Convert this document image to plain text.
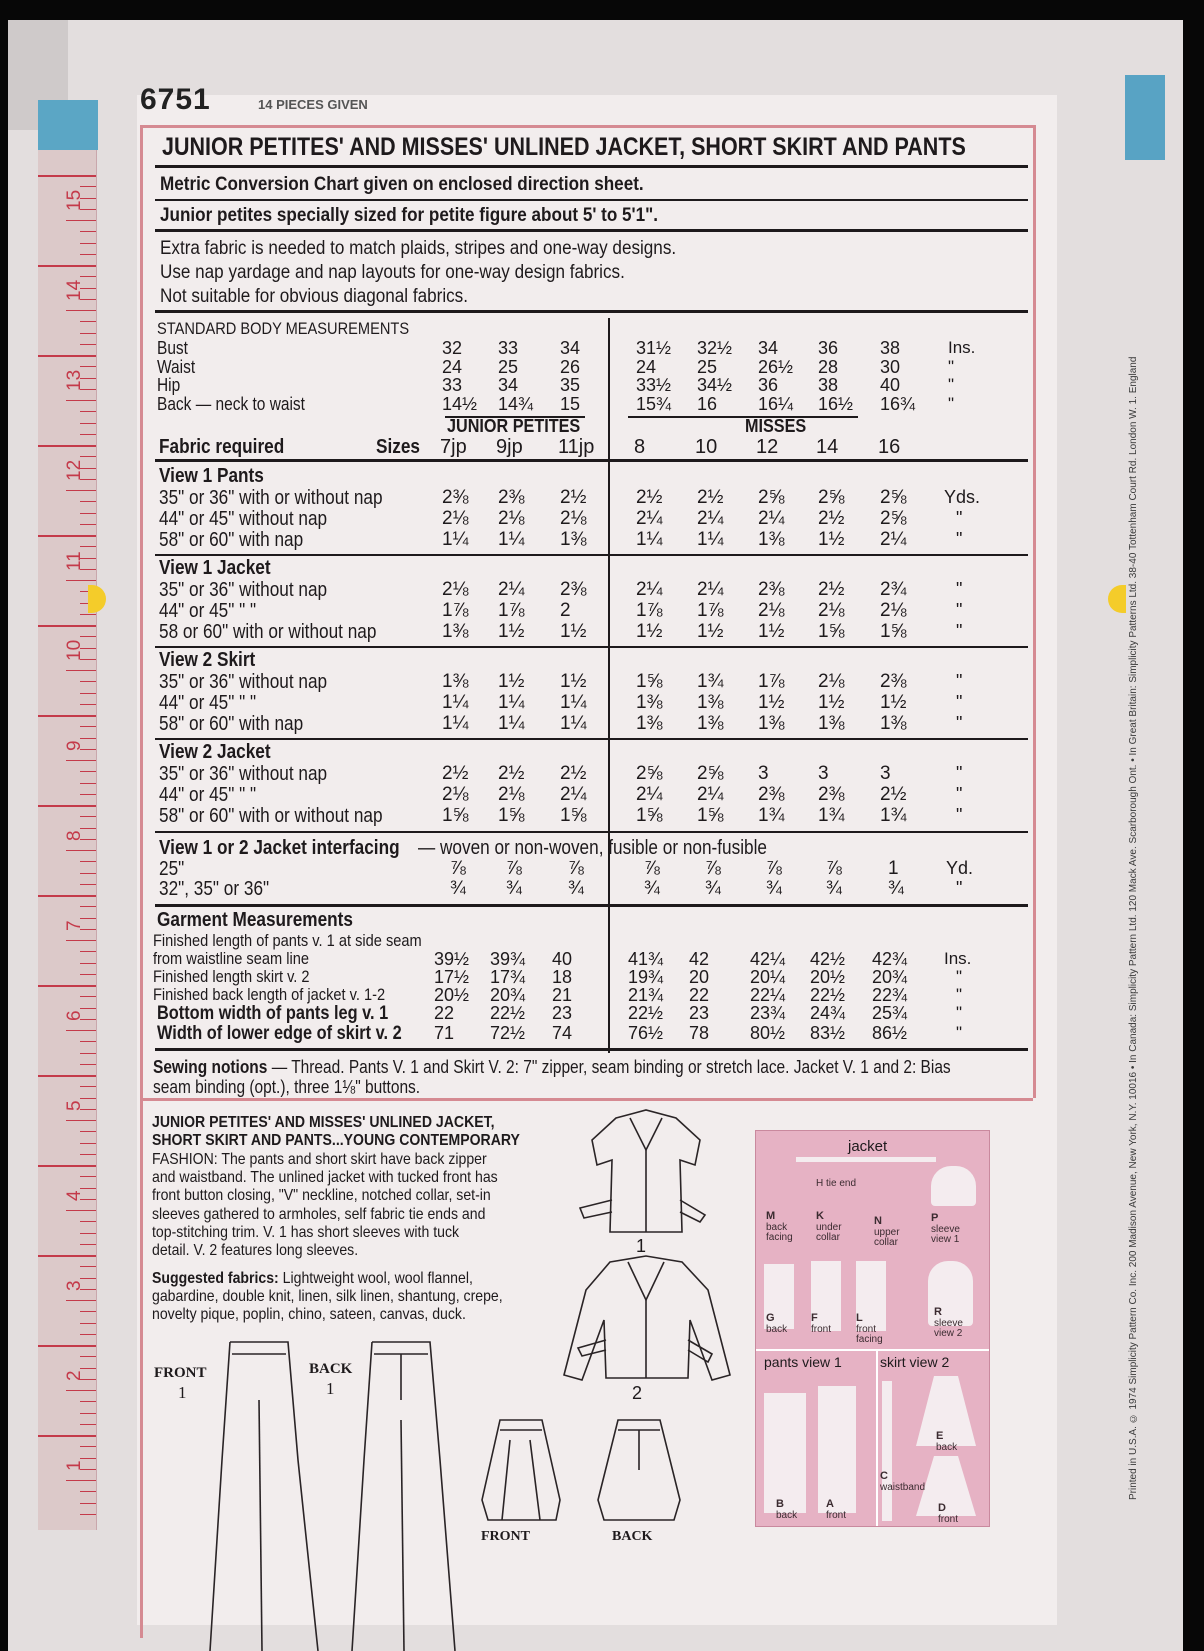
15
14
13
12
11
10
9
8
7
6
5
4
3
2
1	Printed in U.S.A. © 1974 Simplicity Pattern Co. Inc. 200 Madison Avenue, New York, N.Y. 10016 • In Canada: Simplicity Pattern Ltd. 120 Mack Ave. Scarborough Ont. • In Great Britain: Simplicity Patterns Ltd. 38-40 Tottenham Court Rd. London W. 1. England
6751	14 PIECES GIVEN
JUNIOR PETITES' AND MISSES' UNLINED JACKET, SHORT SKIRT AND PANTS
Metric Conversion Chart given on enclosed direction sheet.
Junior petites specially sized for petite figure about 5' to 5'1".
Extra fabric is needed to match plaids, stripes and one-way designs.
Use nap yardage and nap layouts for one-way design fabrics.
Not suitable for obvious diagonal fabrics.
STANDARD BODY MEASUREMENTS
Bust	32 33 34	31½ 32½ 34 36 38	Ins.
Waist	24 25 26	24 25 26½ 28 30	"
Hip	33 34 35	33½ 34½ 36 38 40	"
Back — neck to waist	14½ 14¾ 15	15¾ 16 16¼ 16½ 16¾ "
JUNIOR PETITES	MISSES
Fabric required	Sizes 7jp 9jp 11jp 8 10 12 14 16
View 1 Pants
35" or 36" with or without nap	2⅜ 2⅜ 2½	2½ 2½ 2⅝ 2⅝ 2⅝ Yds.
44" or 45" without nap	2⅛ 2⅛ 2⅛	2¼ 2¼ 2¼ 2½ 2⅝	"
58" or 60" with nap	1¼ 1¼ 1⅜	1¼ 1¼ 1⅜ 1½ 2¼	"
View 1 Jacket
35" or 36" without nap	2⅛ 2¼ 2⅜	2¼ 2¼ 2⅜ 2½ 2¾	"
44" or 45" " "	1⅞ 1⅞ 2	1⅞ 1⅞ 2⅛ 2⅛ 2⅛	"
58 or 60" with or without nap	1⅜ 1½ 1½	1½ 1½ 1½ 1⅝ 1⅝	"
View 2 Skirt
35" or 36" without nap	1⅜ 1½ 1½	1⅝ 1¾ 1⅞ 2⅛ 2⅜	"
44" or 45" " "	1¼ 1¼ 1¼	1⅜ 1⅜ 1½ 1½ 1½	"
58" or 60" with nap	1¼ 1¼ 1¼	1⅜ 1⅜ 1⅜ 1⅜ 1⅜	"
View 2 Jacket
35" or 36" without nap	2½ 2½ 2½	2⅝ 2⅝ 3	3	3	"
44" or 45" " "	2⅛ 2⅛ 2¼	2¼ 2¼ 2⅜ 2⅜ 2½	"
58" or 60" with or without nap	1⅝ 1⅝ 1⅝	1⅝ 1⅝ 1¾ 1¾ 1¾	"
View 1 or 2 Jacket interfacing — woven or non-woven, fusible or non-fusible
25"	⅞ ⅞ ⅞	⅞ ⅞ ⅞ ⅞ 1	Yd.
32", 35" or 36"	¾ ¾ ¾	¾ ¾ ¾ ¾ ¾	"
Garment Measurements
Finished length of pants v. 1 at side seam
from waistline seam line	39½ 39¾ 40	41¾ 42 42¼ 42½ 42¾ Ins.
Finished length skirt v. 2	17½ 17¾ 18	19¾ 20 20¼ 20½ 20¾	"
Finished back length of jacket v. 1-2	20½ 20¾ 21	21¾ 22 22¼ 22½ 22¾	"
Bottom width of pants leg v. 1	22 22½ 23	22½ 23 23¾ 24¾ 25¾	"
Width of lower edge of skirt v. 2 71 72½ 74	76½ 78 80½ 83½ 86½	"
Sewing notions — Thread. Pants V. 1 and Skirt V. 2: 7" zipper, seam binding or stretch lace. Jacket V. 1 and 2: Bias
seam binding (opt.), three 1⅛" buttons.
JUNIOR PETITES' AND MISSES' UNLINED JACKET,
SHORT SKIRT AND PANTS...YOUNG CONTEMPORARY
FASHION: The pants and short skirt have back zipper
and waistband. The unlined jacket with tucked front has
front button closing, "V" neckline, notched collar, set-in
sleeves gathered to armholes, self fabric tie ends and
top-stitching trim. V. 1 has short sleeves with tuck
detail. V. 2 features long sleeves.
Suggested fabrics: Lightweight wool, wool flannel,
gabardine, double knit, linen, silk linen, shantung, crepe,
novelty pique, poplin, chino, sateen, canvas, duck.
FRONT
1
BACK
1
1
2
FRONT	BACK
jacket
H tie end
pants view 1	skirt view 2
M
back
facing
K
under
collar
N
upper
collar
P
sleeve
view 1
G
back
F
front
L
front
facing
R
sleeve
view 2
B
back
A
front
C
waistband
E
back
D
front
